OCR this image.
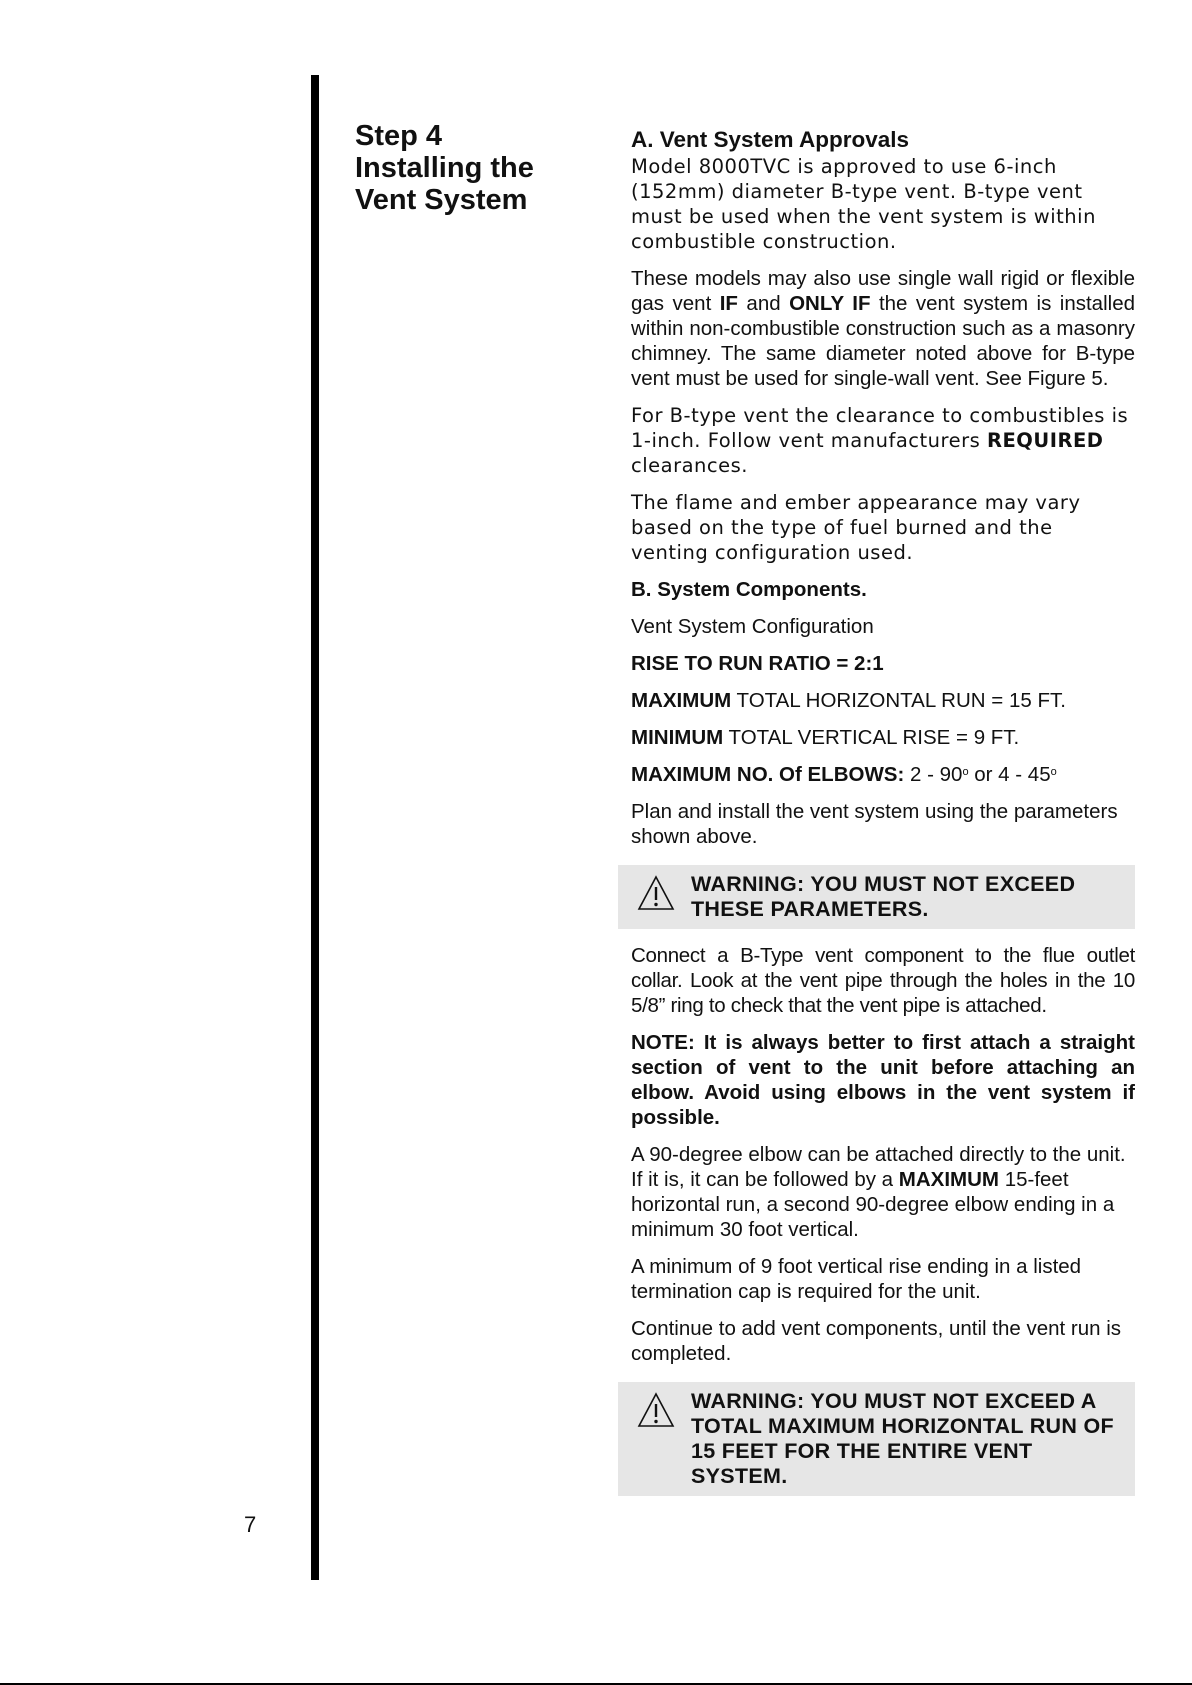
7
Step 4
Installing the
Vent System

A. Vent System Approvals

Model 8000TVC is approved to use 6-inch (152mm) diameter B-type vent. B-type vent must be used when the vent system is within combustible construction.

These models may also use single wall rigid or flexible gas vent IF and ONLY IF the vent system is installed within non-combustible construction such as a masonry chimney. The same diameter noted above for B-type vent must be used for single-wall vent. See Figure 5.

For B-type vent the clearance to combustibles is 1-inch. Follow vent manufacturers REQUIRED clearances.

The flame and ember appearance may vary based on the type of fuel burned and the venting configuration used.

B. System Components.

Vent System Configuration

RISE TO RUN RATIO = 2:1

MAXIMUM TOTAL HORIZONTAL RUN = 15 FT.

MINIMUM TOTAL VERTICAL RISE = 9 FT.

MAXIMUM NO. Of ELBOWS: 2 - 90$^o$ or 4 - 45$^o$

Plan and install the vent system using the parameters shown above.

WARNING: YOU MUST NOT EXCEED THESE PARAMETERS.

Connect a B-Type vent component to the flue outlet collar. Look at the vent pipe through the holes in the 10 5/8” ring to check that the vent pipe is attached.

NOTE: It is always better to first attach a straight section of vent to the unit before attaching an elbow. Avoid using elbows in the vent system if possible.

A 90-degree elbow can be attached directly to the unit. If it is, it can be followed by a MAXIMUM 15-feet horizontal run, a second 90-degree elbow ending in a minimum 30 foot vertical.

A minimum of 9 foot vertical rise ending in a listed termination cap is required for the unit.

Continue to add vent components, until the vent run is completed.

WARNING: YOU MUST NOT EXCEED A TOTAL MAXIMUM HORIZONTAL RUN OF 15 FEET FOR THE ENTIRE VENT SYSTEM.
